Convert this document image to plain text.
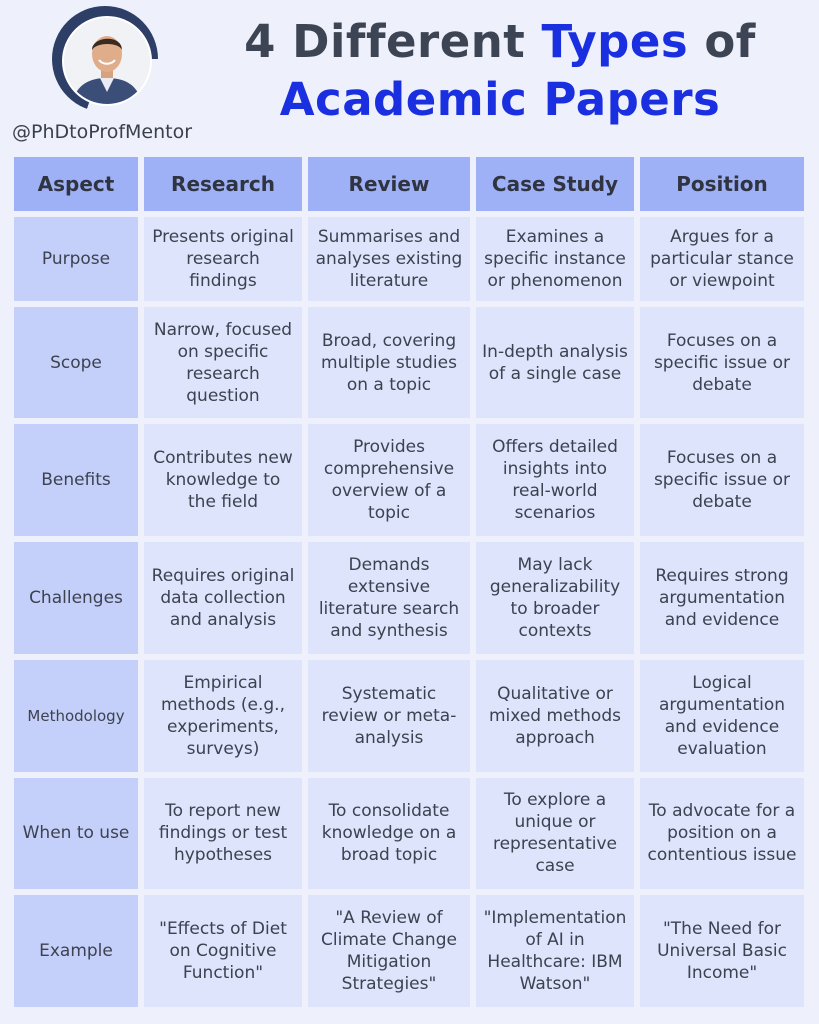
@PhDtoProfMentor
4 Different Types of
Academic Papers
Aspect	Research	Review	Case Study	Position
Purpose	Presents original research findings	Summarises and analyses existing literature	Examines a specific instance or phenomenon	Argues for a particular stance or viewpoint
Scope	Narrow, focused on specific research question	Broad, covering multiple studies on a topic	In-depth analysis of a single case	Focuses on a specific issue or debate
Benefits	Contributes new knowledge to the field	Provides comprehensive overview of a topic	Offers detailed insights into real-world scenarios	Focuses on a specific issue or debate
Challenges	Requires original data collection and analysis	Demands extensive literature search and synthesis	May lack generalizability to broader contexts	Requires strong argumentation and evidence
Methodology	Empirical methods (e.g., experiments, surveys)	Systematic review or meta-analysis	Qualitative or mixed methods approach	Logical argumentation and evidence evaluation
When to use	To report new findings or test hypotheses	To consolidate knowledge on a broad topic	To explore a unique or representative case	To advocate for a position on a contentious issue
Example	"Effects of Diet on Cognitive Function"	"A Review of Climate Change Mitigation Strategies"	"Implementation of AI in Healthcare: IBM Watson"	"The Need for Universal Basic Income"
